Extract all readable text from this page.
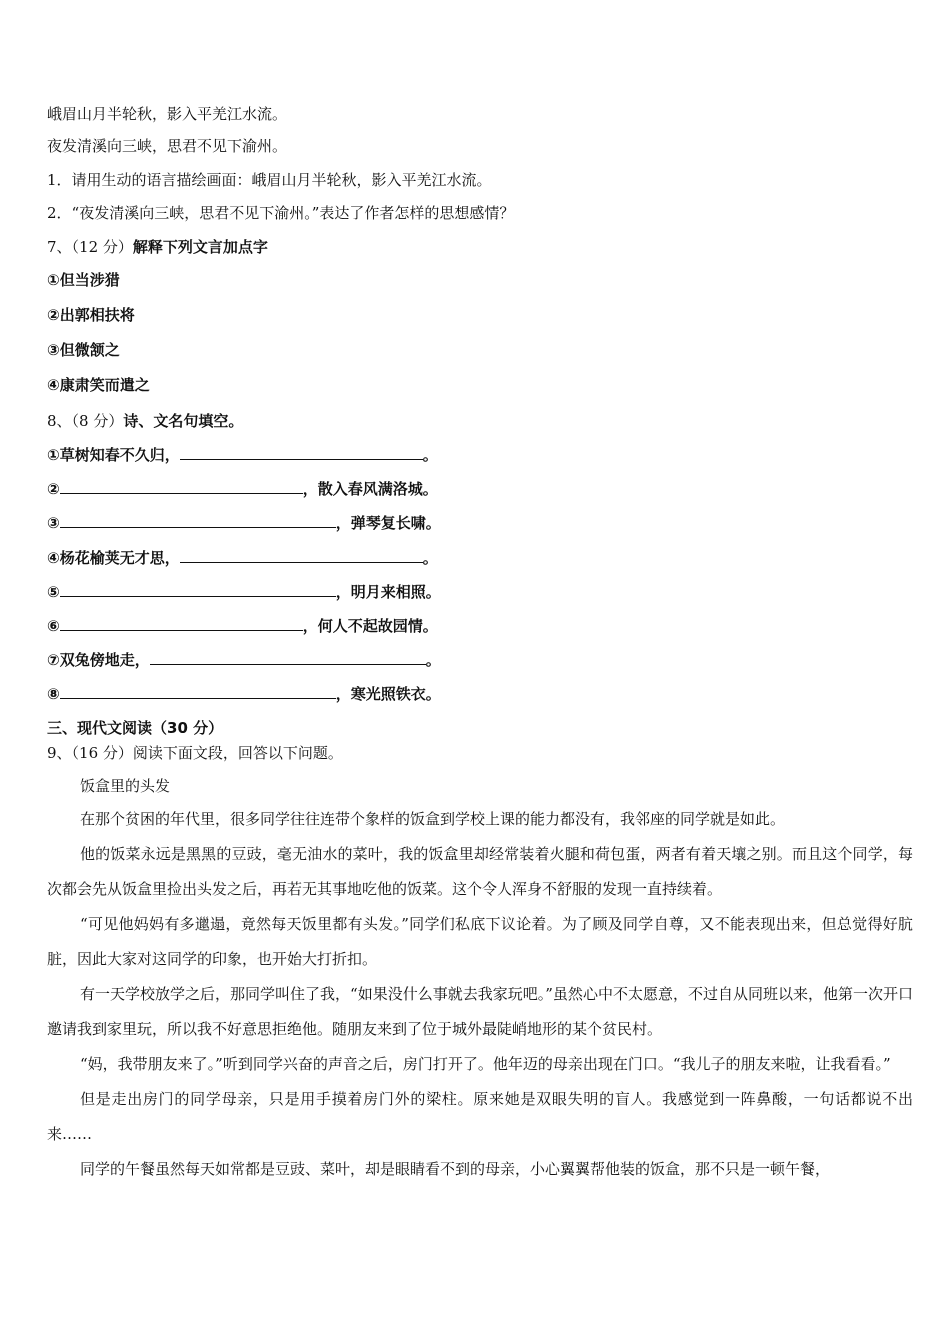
峨眉山月半轮秋，影入平羌江水流。
夜发清溪向三峡，思君不见下渝州。
1．请用生动的语言描绘画面：峨眉山月半轮秋，影入平羌江水流。
2．“夜发清溪向三峡，思君不见下渝州。”表达了作者怎样的思想感情？
7、（12 分）解释下列文言加点字
①但当涉猎
②出郭相扶将
③但微颔之
④康肃笑而遣之
8、（8 分）诗、文名句填空。
①草树知春不久归，	。
②	，散入春风满洛城。
③	，弹琴复长啸。
④杨花榆荚无才思，	。
⑤	，明月来相照。
⑥	，何人不起故园情。
⑦双兔傍地走，	。
⑧	，寒光照铁衣。
三、现代文阅读（30 分）
9、（16 分）阅读下面文段，回答以下问题。
饭盒里的头发

在那个贫困的年代里，很多同学往往连带个象样的饭盒到学校上课的能力都没有，我邻座的同学就是如此。

他的饭菜永远是黑黑的豆豉，毫无油水的菜叶，我的饭盒里却经常装着火腿和荷包蛋，两者有着天壤之别。而且这个同学，每次都会先从饭盒里捡出头发之后，再若无其事地吃他的饭菜。这个令人浑身不舒服的发现一直持续着。

“可见他妈妈有多邋遢，竟然每天饭里都有头发。”同学们私底下议论着。为了顾及同学自尊，又不能表现出来，但总觉得好肮脏，因此大家对这同学的印象，也开始大打折扣。

有一天学校放学之后，那同学叫住了我，“如果没什么事就去我家玩吧。”虽然心中不太愿意，不过自从同班以来，他第一次开口邀请我到家里玩，所以我不好意思拒绝他。随朋友来到了位于城外最陡峭地形的某个贫民村。

“妈，我带朋友来了。”听到同学兴奋的声音之后，房门打开了。他年迈的母亲出现在门口。“我儿子的朋友来啦，让我看看。”

但是走出房门的同学母亲，只是用手摸着房门外的梁柱。原来她是双眼失明的盲人。我感觉到一阵鼻酸，一句话都说不出来……

同学的午餐虽然每天如常都是豆豉、菜叶，却是眼睛看不到的母亲，小心翼翼帮他装的饭盒，那不只是一顿午餐，
